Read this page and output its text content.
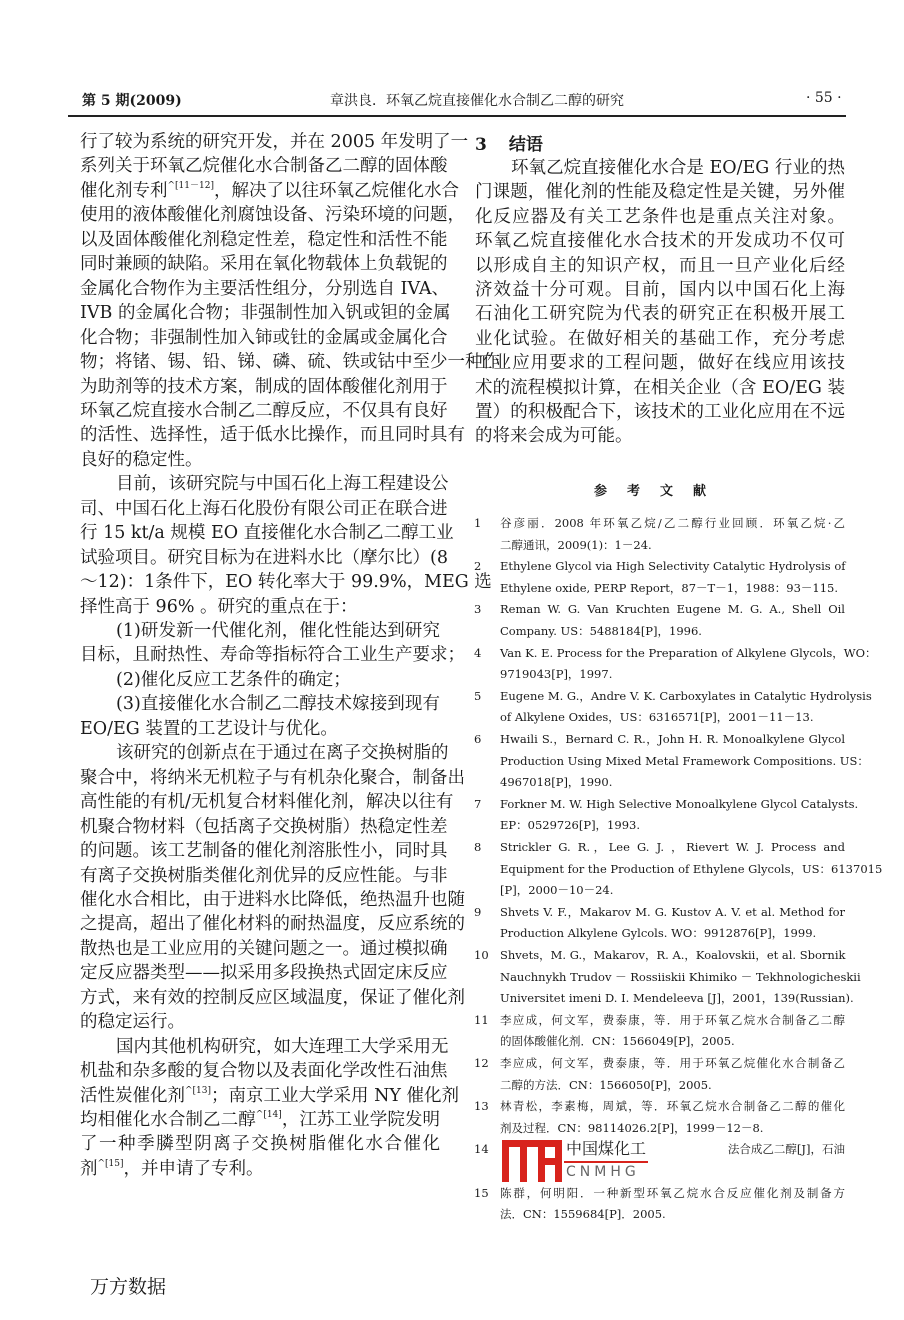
第 5 期(2009)	章洪良．环氧乙烷直接催化水合制乙二醇的研究	· 55 ·
行了较为系统的研究开发，并在 2005 年发明了一
系列关于环氧乙烷催化水合制备乙二醇的固体酸
催化剂专利$^{\^{}[11-12]}$，解决了以往环氧乙烷催化水合
使用的液体酸催化剂腐蚀设备、污染环境的问题，
以及固体酸催化剂稳定性差，稳定性和活性不能
同时兼顾的缺陷。采用在氧化物载体上负载铌的
金属化合物作为主要活性组分，分别选自 IVA、
IVB 的金属化合物；非强制性加入钒或钽的金属
化合物；非强制性加入铈或钍的金属或金属化合
物；将锗、锡、铅、锑、磷、硫、铁或钴中至少一种作
为助剂等的技术方案，制成的固体酸催化剂用于
环氧乙烷直接水合制乙二醇反应，不仅具有良好
的活性、选择性，适于低水比操作，而且同时具有
良好的稳定性。
目前，该研究院与中国石化上海工程建设公
司、中国石化上海石化股份有限公司正在联合进
行 15 kt/a 规模 EO 直接催化水合制乙二醇工业
试验项目。研究目标为在进料水比（摩尔比）(8
～12)：1条件下，EO 转化率大于 99.9%，MEG 选
择性高于 96% 。研究的重点在于：
(1)研发新一代催化剂，催化性能达到研究
目标，且耐热性、寿命等指标符合工业生产要求；
(2)催化反应工艺条件的确定；
(3)直接催化水合制乙二醇技术嫁接到现有
EO/EG 装置的工艺设计与优化。
该研究的创新点在于通过在离子交换树脂的
聚合中，将纳米无机粒子与有机杂化聚合，制备出
高性能的有机/无机复合材料催化剂，解决以往有
机聚合物材料（包括离子交换树脂）热稳定性差
的问题。该工艺制备的催化剂溶胀性小，同时具
有离子交换树脂类催化剂优异的反应性能。与非
催化水合相比，由于进料水比降低，绝热温升也随
之提高，超出了催化材料的耐热温度，反应系统的
散热也是工业应用的关键问题之一。通过模拟确
定反应器类型——拟采用多段换热式固定床反应
方式，来有效的控制反应区域温度，保证了催化剂
的稳定运行。
国内其他机构研究，如大连理工大学采用无
机盐和杂多酸的复合物以及表面化学改性石油焦
活性炭催化剂$^{\^{}[13]}$；南京工业大学采用 NY 催化剂
均相催化水合制乙二醇$^{\^{}[14]}$，江苏工业学院发明
了一种季膦型阴离子交换树脂催化水合催化
剂$^{\^{}[15]}$，并申请了专利。
3 结语
环氧乙烷直接催化水合是 EO/EG 行业的热
门课题，催化剂的性能及稳定性是关键，另外催
化反应器及有关工艺条件也是重点关注对象。
环氧乙烷直接催化水合技术的开发成功不仅可
以形成自主的知识产权，而且一旦产业化后经
济效益十分可观。目前，国内以中国石化上海
石油化工研究院为代表的研究正在积极开展工
业化试验。在做好相关的基础工作，充分考虑
工业应用要求的工程问题，做好在线应用该技
术的流程模拟计算，在相关企业（含 EO/EG 装
置）的积极配合下，该技术的工业化应用在不远
的将来会成为可能。
参考文献
1 谷彦丽．2008 年环氧乙烷/乙二醇行业回顾．环氧乙烷·乙
二醇通讯，2009(1)：1－24.
2 Ethylene Glycol via High Selectivity Catalytic Hydrolysis of
Ethylene oxide, PERP Report，87－T－1，1988：93－115.
3 Reman W. G. Van Kruchten Eugene M. G. A., Shell Oil
Company. US：5488184[P]，1996.
4 Van K. E. Process for the Preparation of Alkylene Glycols，WO：
9719043[P]，1997.
5 Eugene M. G.，Andre V. K. Carboxylates in Catalytic Hydrolysis
of Alkylene Oxides，US：6316571[P]，2001－11－13.
6 Hwaili S.，Bernard C. R.，John H. R. Monoalkylene Glycol
Production Using Mixed Metal Framework Compositions. US：
4967018[P]，1990.
7 Forkner M. W. High Selective Monoalkylene Glycol Catalysts.
EP：0529726[P]，1993.
8 Strickler G. R.，Lee G. J. ，Rievert W. J. Process and
Equipment for the Production of Ethylene Glycols，US：6137015
[P]，2000－10－24.
9 Shvets V. F.，Makarov M. G. Kustov A. V. et al. Method for
Production Alkylene Gylcols. WO：9912876[P]，1999.
10 Shvets，M. G.，Makarov，R. A.，Koalovskii，et al. Sbornik
Nauchnykh Trudov － Rossiiskii Khimiko － Tekhnologicheskii
Universitet imeni D. I. Mendeleeva [J]，2001，139(Russian).
11 李应成，何文军，费泰康，等．用于环氧乙烷水合制备乙二醇
的固体酸催化剂．CN：1566049[P]，2005.
12 李应成，何文军，费泰康，等．用于环氧乙烷催化水合制备乙
二醇的方法．CN：1566050[P]，2005.
13 林青松，李素梅，周斌，等．环氧乙烷水合制备乙二醇的催化
剂及过程．CN：98114026.2[P]，1999－12－8.
14	法合成乙二醇[J]，石油
15 陈群，何明阳．一种新型环氧乙烷水合反应催化剂及制备方
法．CN：1559684[P]．2005.
中国煤化工
CNMHG
万方数据
